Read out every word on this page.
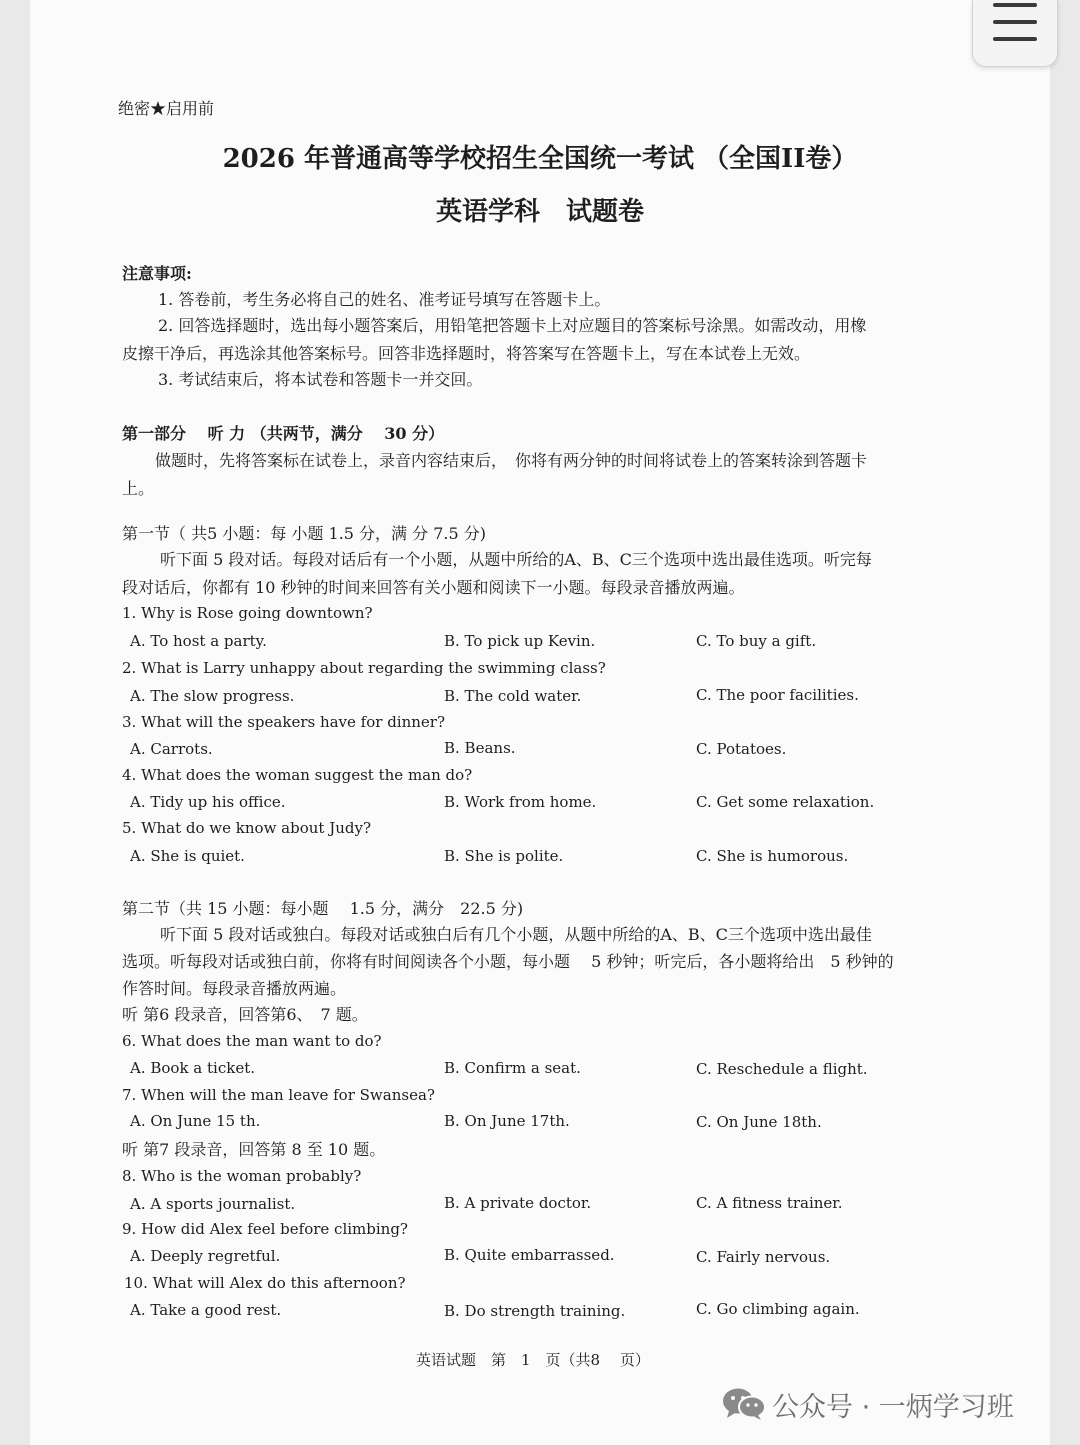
绝密★启用前
2026 年普通高等学校招生全国统一考试 （全国II卷）
英语学科　试题卷
注意事项:
1. 答卷前，考生务必将自己的姓名、准考证号填写在答题卡上。
2. 回答选择题时，选出每小题答案后，用铅笔把答题卡上对应题目的答案标号涂黑。如需改动，用橡
皮擦干净后，再选涂其他答案标号。回答非选择题时，将答案写在答题卡上，写在本试卷上无效。
3. 考试结束后，将本试卷和答题卡一并交回。
第一部分　 听 力 （共两节，满分 　30 分）
做题时，先将答案标在试卷上，录音内容结束后，　你将有两分钟的时间将试卷上的答案转涂到答题卡
上。
第一节（ 共5 小题：每 小题 1.5 分，满 分 7.5 分)
听下面 5 段对话。每段对话后有一个小题，从题中所给的A、B、C三个选项中选出最佳选项。听完每
段对话后，你都有 10 秒钟的时间来回答有关小题和阅读下一小题。每段录音播放两遍。
1. Why is Rose going downtown?
A. To host a party.	B. To pick up Kevin.	C. To buy a gift.
2. What is Larry unhappy about regarding the swimming class?
A. The slow progress.	B. The cold water.	C. The poor facilities.
3. What will the speakers have for dinner?
A. Carrots.	B. Beans.	C. Potatoes.
4. What does the woman suggest the man do?
A. Tidy up his office.	B. Work from home.	C. Get some relaxation.
5. What do we know about Judy?
A. She is quiet.	B. She is polite.	C. She is humorous.
第二节（共 15 小题：每小题　 1.5 分，满分　22.5 分)
听下面 5 段对话或独白。每段对话或独白后有几个小题，从题中所给的A、B、C三个选项中选出最佳
选项。听每段对话或独白前，你将有时间阅读各个小题，每小题　 5 秒钟；听完后，各小题将给出　5 秒钟的
作答时间。每段录音播放两遍。
听 第6 段录音，回答第6、　7 题。
6. What does the man want to do?
A. Book a ticket.	B. Confirm a seat.	C. Reschedule a flight.
7. When will the man leave for Swansea?
A. On June 15 th.	B. On June 17th.	C. On June 18th.
听 第7 段录音，回答第 8 至 10 题。
8. Who is the woman probably?
A. A sports journalist.	B. A private doctor.	C. A fitness trainer.
9. How did Alex feel before climbing?
A. Deeply regretful.	B. Quite embarrassed.	C. Fairly nervous.
10. What will Alex do this afternoon?
A. Take a good rest.	B. Do strength training.	C. Go climbing again.
英语试题　第　1　页（共8　 页）
公众号 · 一炳学习班
